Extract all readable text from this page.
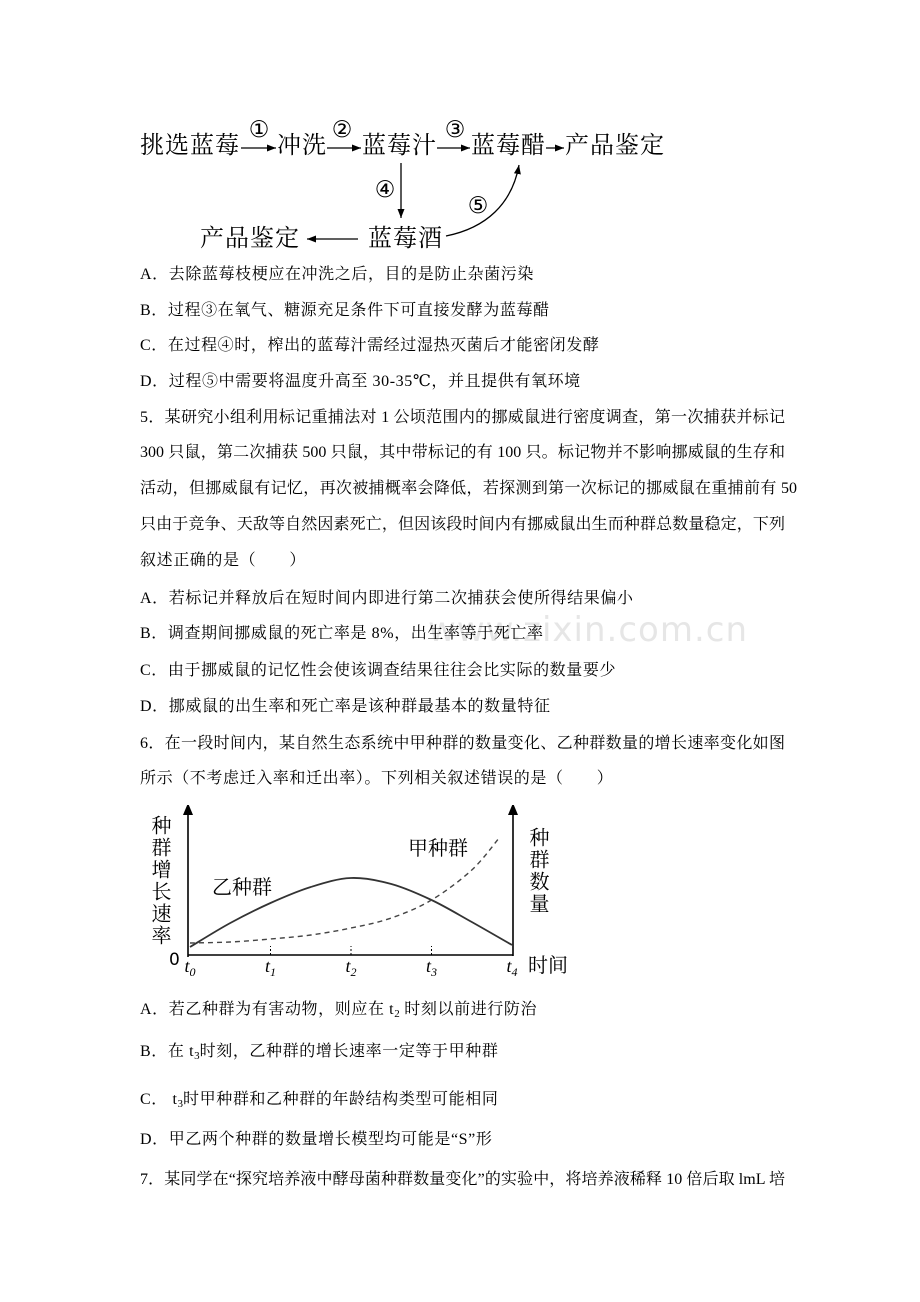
www.zixin.com.cn
挑选蓝莓 冲洗 蓝莓汁 蓝莓醋 产品鉴定
蓝莓酒
产品鉴定
①	②	③
④
⑤
A．去除蓝莓枝梗应在冲洗之后，目的是防止杂菌污染
B．过程③在氧气、糖源充足条件下可直接发酵为蓝莓醋
C．在过程④时，榨出的蓝莓汁需经过湿热灭菌后才能密闭发酵
D．过程⑤中需要将温度升高至 30-35℃，并且提供有氧环境
5．某研究小组利用标记重捕法对 1 公顷范围内的挪威鼠进行密度调查，第一次捕获并标记
300 只鼠，第二次捕获 500 只鼠，其中带标记的有 100 只。标记物并不影响挪威鼠的生存和
活动，但挪威鼠有记忆，再次被捕概率会降低，若探测到第一次标记的挪威鼠在重捕前有 50
只由于竞争、天敌等自然因素死亡，但因该段时间内有挪威鼠出生而种群总数量稳定，下列
叙述正确的是（　　）
A．若标记并释放后在短时间内即进行第二次捕获会使所得结果偏小
B．调查期间挪威鼠的死亡率是 8%，出生率等于死亡率
C．由于挪威鼠的记忆性会使该调查结果往往会比实际的数量要少
D．挪威鼠的出生率和死亡率是该种群最基本的数量特征
6．在一段时间内，某自然生态系统中甲种群的数量变化、乙种群数量的增长速率变化如图
所示（不考虑迁入率和迁出率）。下列相关叙述错误的是（　　）
种群增长速率	种群数量
乙种群
甲种群
0	时间
$t_0$	$t_1$	$t_2$	$t_3$	$t_4$
A．若乙种群为有害动物，则应在 $t_2$ 时刻以前进行防治
B．在 $t_3$时刻，乙种群的增长速率一定等于甲种群
C． $t_3$时甲种群和乙种群的年龄结构类型可能相同
D．甲乙两个种群的数量增长模型均可能是“S”形
7．某同学在“探究培养液中酵母菌种群数量变化”的实验中，将培养液稀释 10 倍后取 lmL 培
